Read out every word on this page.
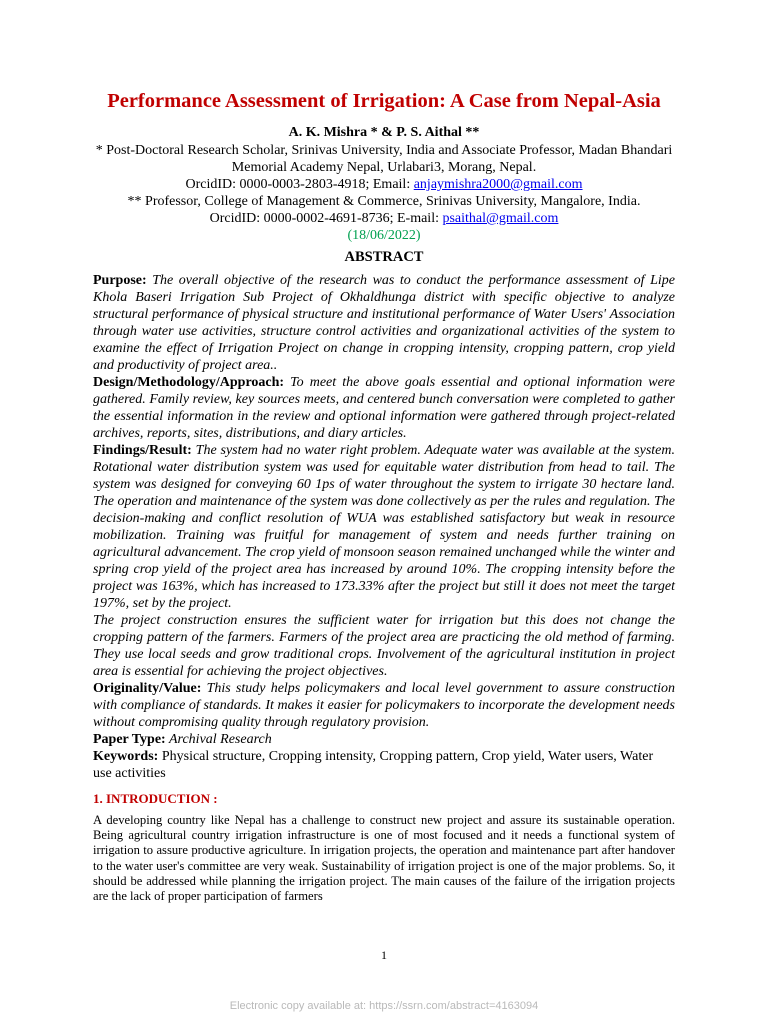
Performance Assessment of Irrigation: A Case from Nepal-Asia

A. K. Mishra * & P. S. Aithal **

* Post-Doctoral Research Scholar, Srinivas University, India and Associate Professor, Madan Bhandari Memorial Academy Nepal, Urlabari3, Morang, Nepal.

OrcidID: 0000-0003-2803-4918; Email: anjaymishra2000@gmail.com

** Professor, College of Management & Commerce, Srinivas University, Mangalore, India.

OrcidID: 0000-0002-4691-8736; E-mail: psaithal@gmail.com

(18/06/2022)

ABSTRACT

Purpose: The overall objective of the research was to conduct the performance assessment of Lipe Khola Baseri Irrigation Sub Project of Okhaldhunga district with specific objective to analyze structural performance of physical structure and institutional performance of Water Users' Association through water use activities, structure control activities and organizational activities of the system to examine the effect of Irrigation Project on change in cropping intensity, cropping pattern, crop yield and productivity of project area..

Design/Methodology/Approach: To meet the above goals essential and optional information were gathered. Family review, key sources meets, and centered bunch conversation were completed to gather the essential information in the review and optional information were gathered through project-related archives, reports, sites, distributions, and diary articles.

Findings/Result: The system had no water right problem. Adequate water was available at the system. Rotational water distribution system was used for equitable water distribution from head to tail. The system was designed for conveying 60 1ps of water throughout the system to irrigate 30 hectare land. The operation and maintenance of the system was done collectively as per the rules and regulation. The decision-making and conflict resolution of WUA was established satisfactory but weak in resource mobilization. Training was fruitful for management of system and needs further training on agricultural advancement. The crop yield of monsoon season remained unchanged while the winter and spring crop yield of the project area has increased by around 10%. The cropping intensity before the project was 163%, which has increased to 173.33% after the project but still it does not meet the target 197%, set by the project.

The project construction ensures the sufficient water for irrigation but this does not change the cropping pattern of the farmers. Farmers of the project area are practicing the old method of farming. They use local seeds and grow traditional crops. Involvement of the agricultural institution in project area is essential for achieving the project objectives.

Originality/Value: This study helps policymakers and local level government to assure construction with compliance of standards. It makes it easier for policymakers to incorporate the development needs without compromising quality through regulatory provision.

Paper Type: Archival Research

Keywords: Physical structure, Cropping intensity, Cropping pattern, Crop yield, Water users, Water use activities

1. INTRODUCTION :

A developing country like Nepal has a challenge to construct new project and assure its sustainable operation. Being agricultural country irrigation infrastructure is one of most focused and it needs a functional system of irrigation to assure productive agriculture. In irrigation projects, the operation and maintenance part after handover to the water user's committee are very weak. Sustainability of irrigation project is one of the major problems. So, it should be addressed while planning the irrigation project. The main causes of the failure of the irrigation projects are the lack of proper participation of farmers

1
Electronic copy available at: https://ssrn.com/abstract=4163094
